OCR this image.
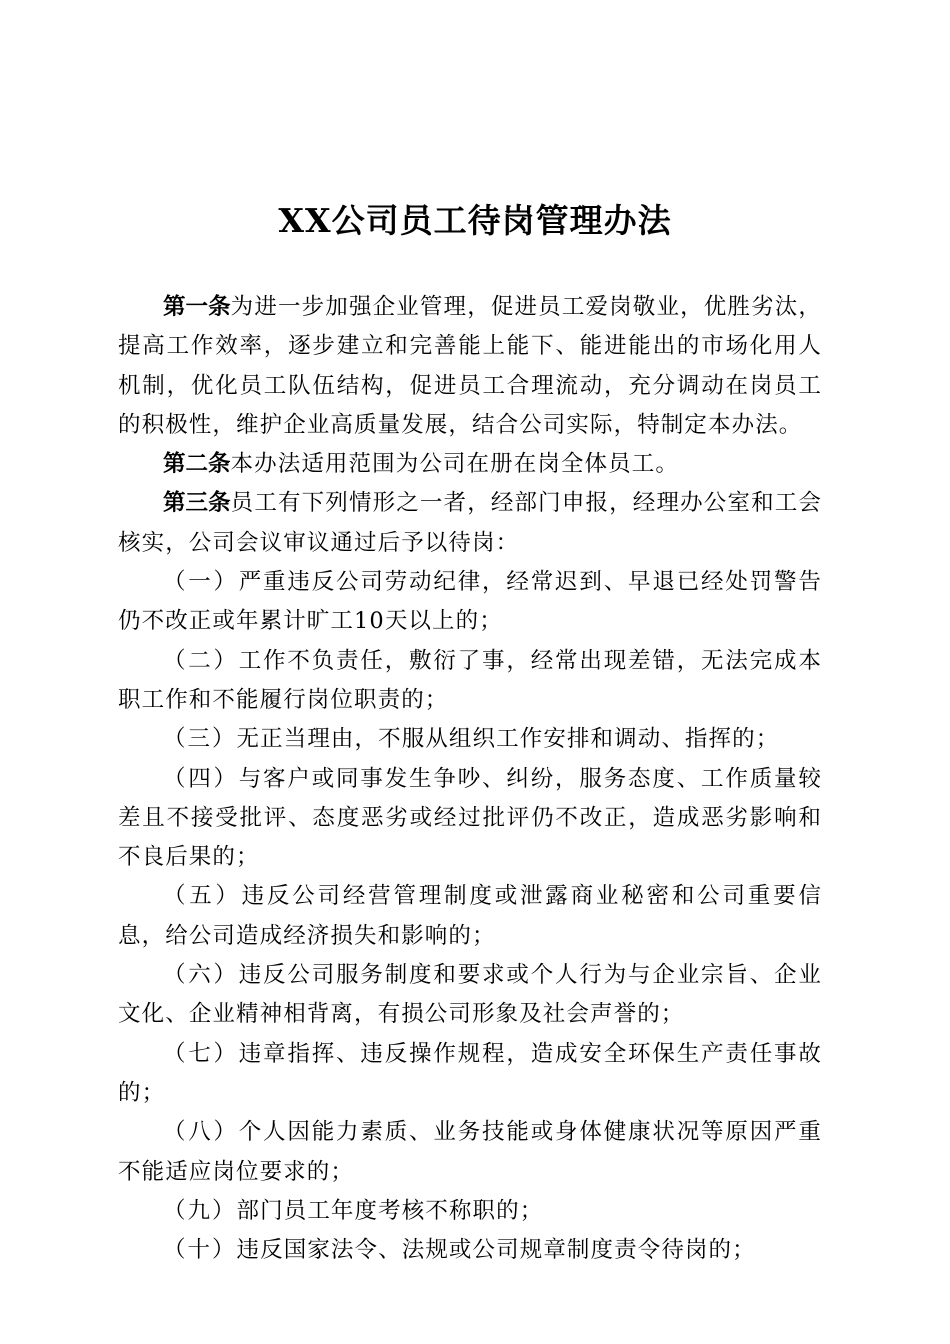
XX公司员工待岗管理办法

第一条为进一步加强企业管理，促进员工爱岗敬业，优胜劣汰，提高工作效率，逐步建立和完善能上能下、能进能出的市场化用人机制，优化员工队伍结构，促进员工合理流动，充分调动在岗员工的积极性，维护企业高质量发展，结合公司实际，特制定本办法。

第二条本办法适用范围为公司在册在岗全体员工。

第三条员工有下列情形之一者，经部门申报，经理办公室和工会核实，公司会议审议通过后予以待岗：

（一）严重违反公司劳动纪律，经常迟到、早退已经处罚警告仍不改正或年累计旷工10天以上的；

（二）工作不负责任，敷衍了事，经常出现差错，无法完成本职工作和不能履行岗位职责的；

（三）无正当理由，不服从组织工作安排和调动、指挥的；

（四）与客户或同事发生争吵、纠纷，服务态度、工作质量较差且不接受批评、态度恶劣或经过批评仍不改正，造成恶劣影响和不良后果的；

（五）违反公司经营管理制度或泄露商业秘密和公司重要信息，给公司造成经济损失和影响的；

（六）违反公司服务制度和要求或个人行为与企业宗旨、企业文化、企业精神相背离，有损公司形象及社会声誉的；

（七）违章指挥、违反操作规程，造成安全环保生产责任事故的；

（八）个人因能力素质、业务技能或身体健康状况等原因严重不能适应岗位要求的；

（九）部门员工年度考核不称职的；

（十）违反国家法令、法规或公司规章制度责令待岗的；
